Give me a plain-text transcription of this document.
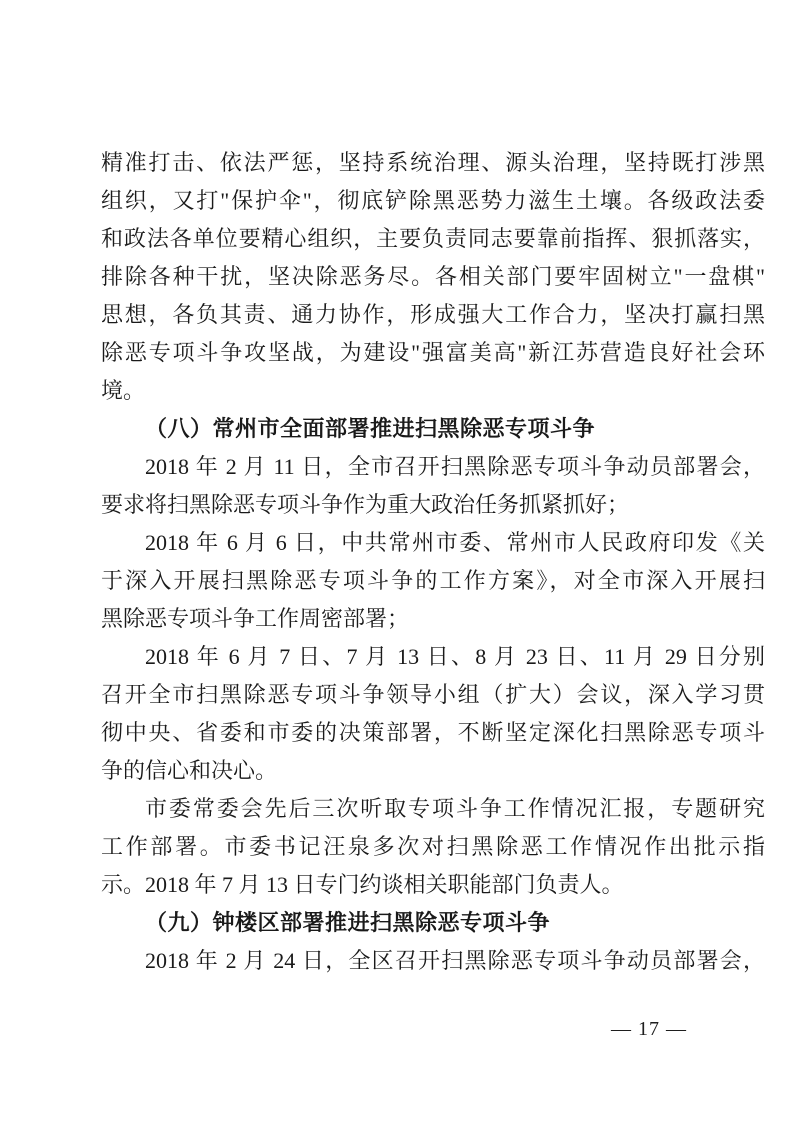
精准打击、依法严惩，坚持系统治理、源头治理，坚持既打涉黑
组织，又打"保护伞"，彻底铲除黑恶势力滋生土壤。各级政法委
和政法各单位要精心组织，主要负责同志要靠前指挥、狠抓落实，
排除各种干扰，坚决除恶务尽。各相关部门要牢固树立"一盘棋"
思想，各负其责、通力协作，形成强大工作合力，坚决打赢扫黑
除恶专项斗争攻坚战，为建设"强富美高"新江苏营造良好社会环
境。
（八）常州市全面部署推进扫黑除恶专项斗争
2018 年 2 月 11 日，全市召开扫黑除恶专项斗争动员部署会，
要求将扫黑除恶专项斗争作为重大政治任务抓紧抓好；
2018 年 6 月 6 日，中共常州市委、常州市人民政府印发《关
于深入开展扫黑除恶专项斗争的工作方案》，对全市深入开展扫
黑除恶专项斗争工作周密部署；
2018 年 6 月 7 日、7 月 13 日、8 月 23 日、11 月 29 日分别
召开全市扫黑除恶专项斗争领导小组（扩大）会议，深入学习贯
彻中央、省委和市委的决策部署，不断坚定深化扫黑除恶专项斗
争的信心和决心。
市委常委会先后三次听取专项斗争工作情况汇报，专题研究
工作部署。市委书记汪泉多次对扫黑除恶工作情况作出批示指
示。2018 年 7 月 13 日专门约谈相关职能部门负责人。
（九）钟楼区部署推进扫黑除恶专项斗争
2018 年 2 月 24 日，全区召开扫黑除恶专项斗争动员部署会，
— 17 —
